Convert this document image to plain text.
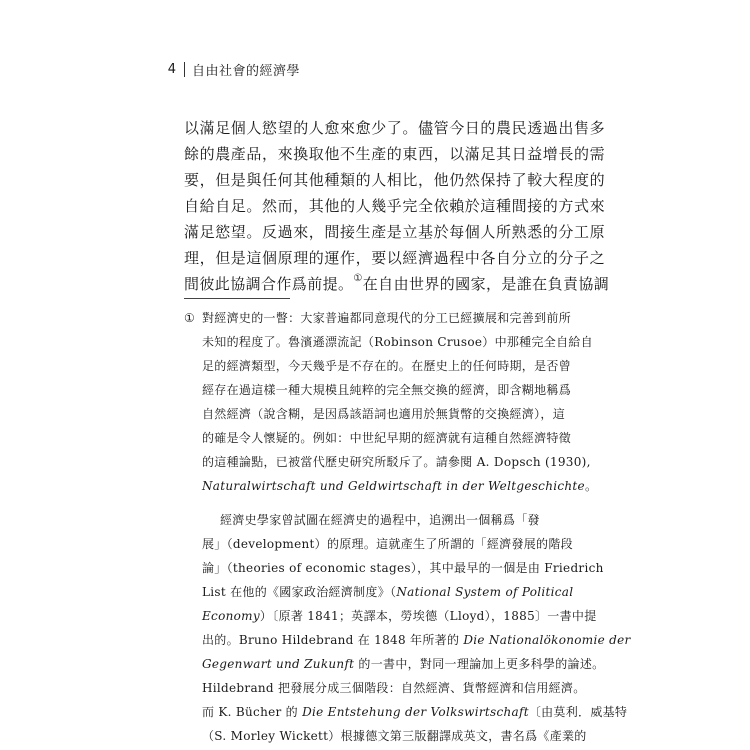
4 自由社會的經濟學
以滿足個人慾望的人愈來愈少了。儘管今日的農民透過出售多
餘的農產品，來換取他不生產的東西，以滿足其日益增長的需
要，但是與任何其他種類的人相比，他仍然保持了較大程度的
自給自足。然而，其他的人幾乎完全依賴於這種間接的方式來
滿足慾望。反過來，間接生產是立基於每個人所熟悉的分工原
理，但是這個原理的運作，要以經濟過程中各自分立的分子之
間彼此協調合作爲前提。①在自由世界的國家，是誰在負責協調
① 對經濟史的一瞥：大家普遍都同意現代的分工已經擴展和完善到前所
未知的程度了。魯濱遜漂流記（Robinson Crusoe）中那種完全自給自
足的經濟類型，今天幾乎是不存在的。在歷史上的任何時期，是否曾
經存在過這樣一種大規模且純粹的完全無交換的經濟，即含糊地稱爲
自然經濟（說含糊，是因爲該語詞也適用於無貨幣的交換經濟），這
的確是令人懷疑的。例如：中世紀早期的經濟就有這種自然經濟特徵
的這種論點，已被當代歷史研究所駁斥了。請參閱 A. Dopsch (1930),
Naturalwirtschaft und Geldwirtschaft in der Weltgeschichte。
經濟史學家曾試圖在經濟史的過程中，追溯出一個稱爲「發
展」（development）的原理。這就產生了所謂的「經濟發展的階段
論」（theories of economic stages），其中最早的一個是由 Friedrich
List 在他的《國家政治經濟制度》（National System of Political
Economy）〔原著 1841；英譯本，勞埃德（Lloyd），1885〕一書中提
出的。Bruno Hildebrand 在 1848 年所著的 Die Nationalökonomie der
Gegenwart und Zukunft 的一書中，對同一理論加上更多科學的論述。
Hildebrand 把發展分成三個階段：自然經濟、貨幣經濟和信用經濟。
而 K. Bücher 的 Die Entstehung der Volkswirtschaft〔由莫利．威基特
（S. Morley Wickett）根據德文第三版翻譯成英文，書名爲《產業的
